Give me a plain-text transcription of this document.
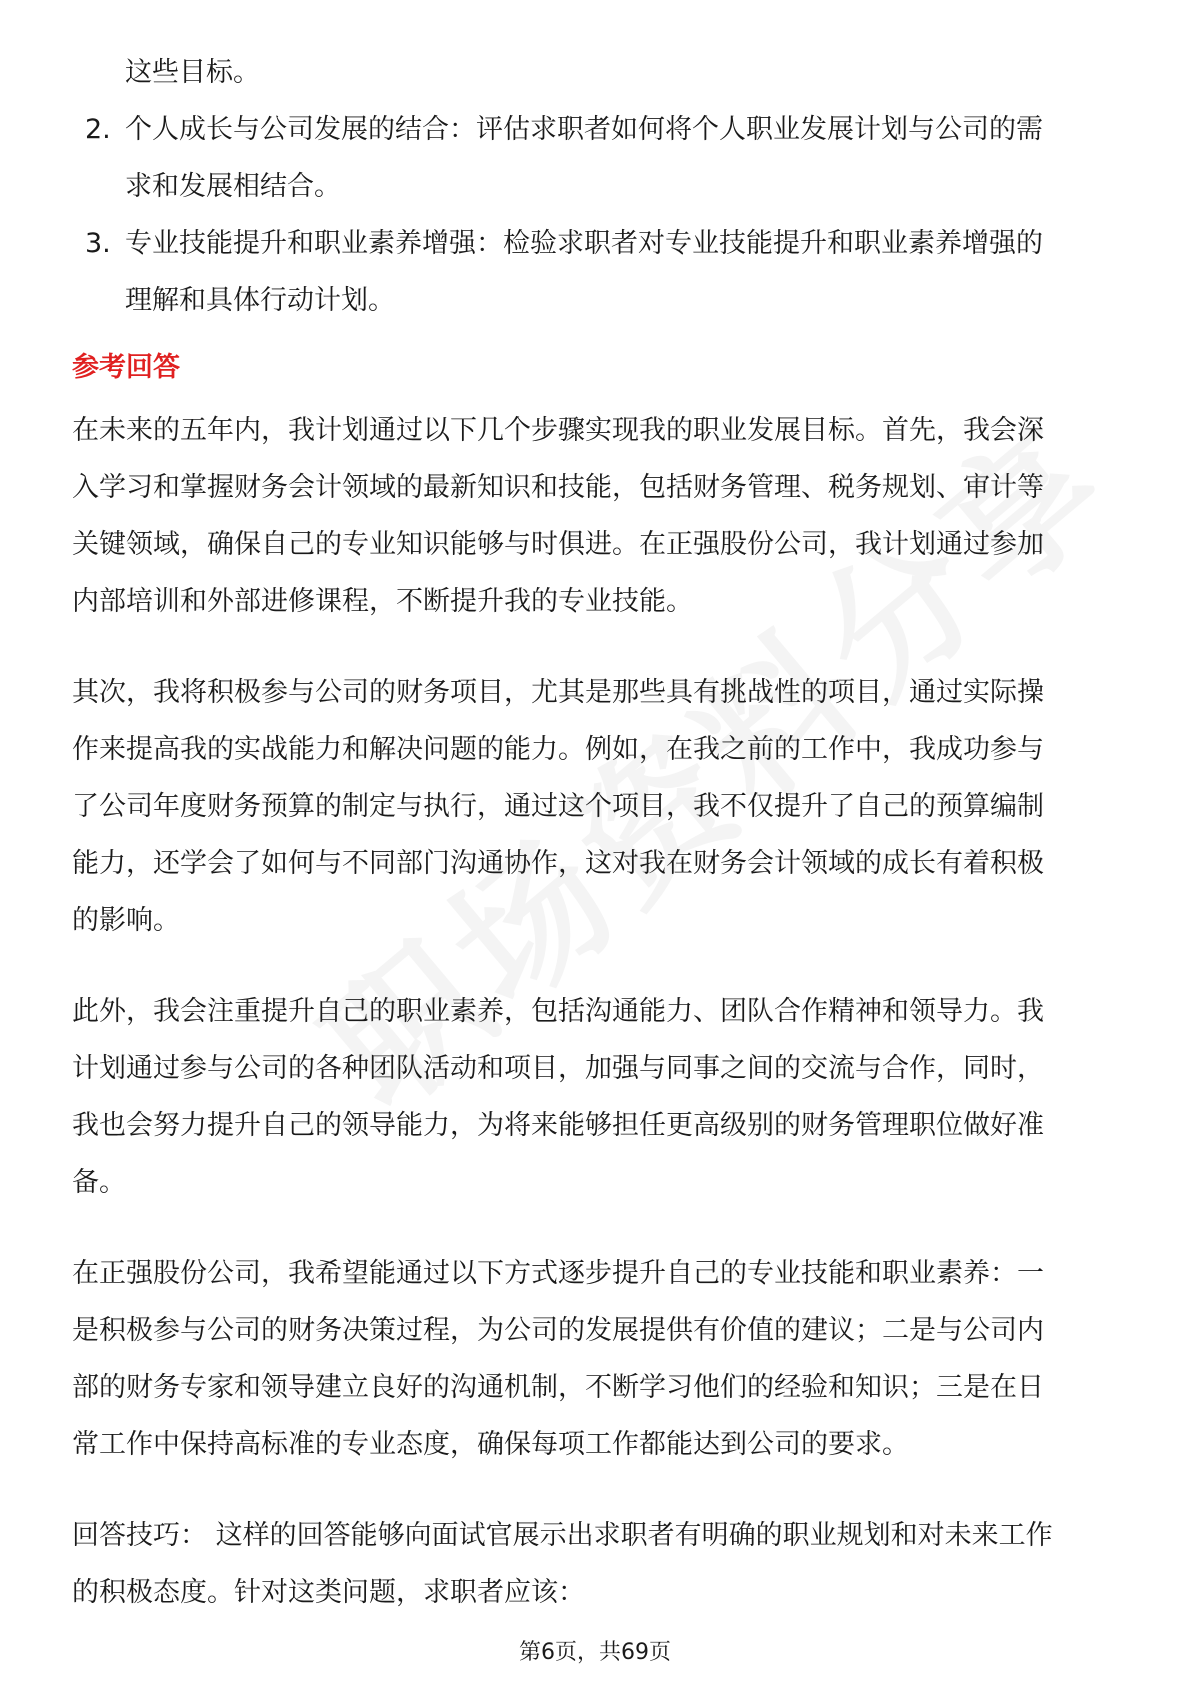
这些目标。

2. 个人成长与公司发展的结合：评估求职者如何将个人职业发展计划与公司的需

求和发展相结合。

3. 专业技能提升和职业素养增强：检验求职者对专业技能提升和职业素养增强的

理解和具体行动计划。

参考回答

在未来的五年内，我计划通过以下几个步骤实现我的职业发展目标。首先，我会深

入学习和掌握财务会计领域的最新知识和技能，包括财务管理、税务规划、审计等

关键领域，确保自己的专业知识能够与时俱进。在正强股份公司，我计划通过参加

内部培训和外部进修课程，不断提升我的专业技能。

其次，我将积极参与公司的财务项目，尤其是那些具有挑战性的项目，通过实际操

作来提高我的实战能力和解决问题的能力。例如，在我之前的工作中，我成功参与

了公司年度财务预算的制定与执行，通过这个项目，我不仅提升了自己的预算编制

能力，还学会了如何与不同部门沟通协作，这对我在财务会计领域的成长有着积极

的影响。

此外，我会注重提升自己的职业素养，包括沟通能力、团队合作精神和领导力。我

计划通过参与公司的各种团队活动和项目，加强与同事之间的交流与合作，同时，

我也会努力提升自己的领导能力，为将来能够担任更高级别的财务管理职位做好准

备。

在正强股份公司，我希望能通过以下方式逐步提升自己的专业技能和职业素养：一

是积极参与公司的财务决策过程，为公司的发展提供有价值的建议；二是与公司内

部的财务专家和领导建立良好的沟通机制，不断学习他们的经验和知识；三是在日

常工作中保持高标准的专业态度，确保每项工作都能达到公司的要求。

回答技巧： 这样的回答能够向面试官展示出求职者有明确的职业规划和对未来工作

的积极态度。针对这类问题，求职者应该：

第6页，共69页
